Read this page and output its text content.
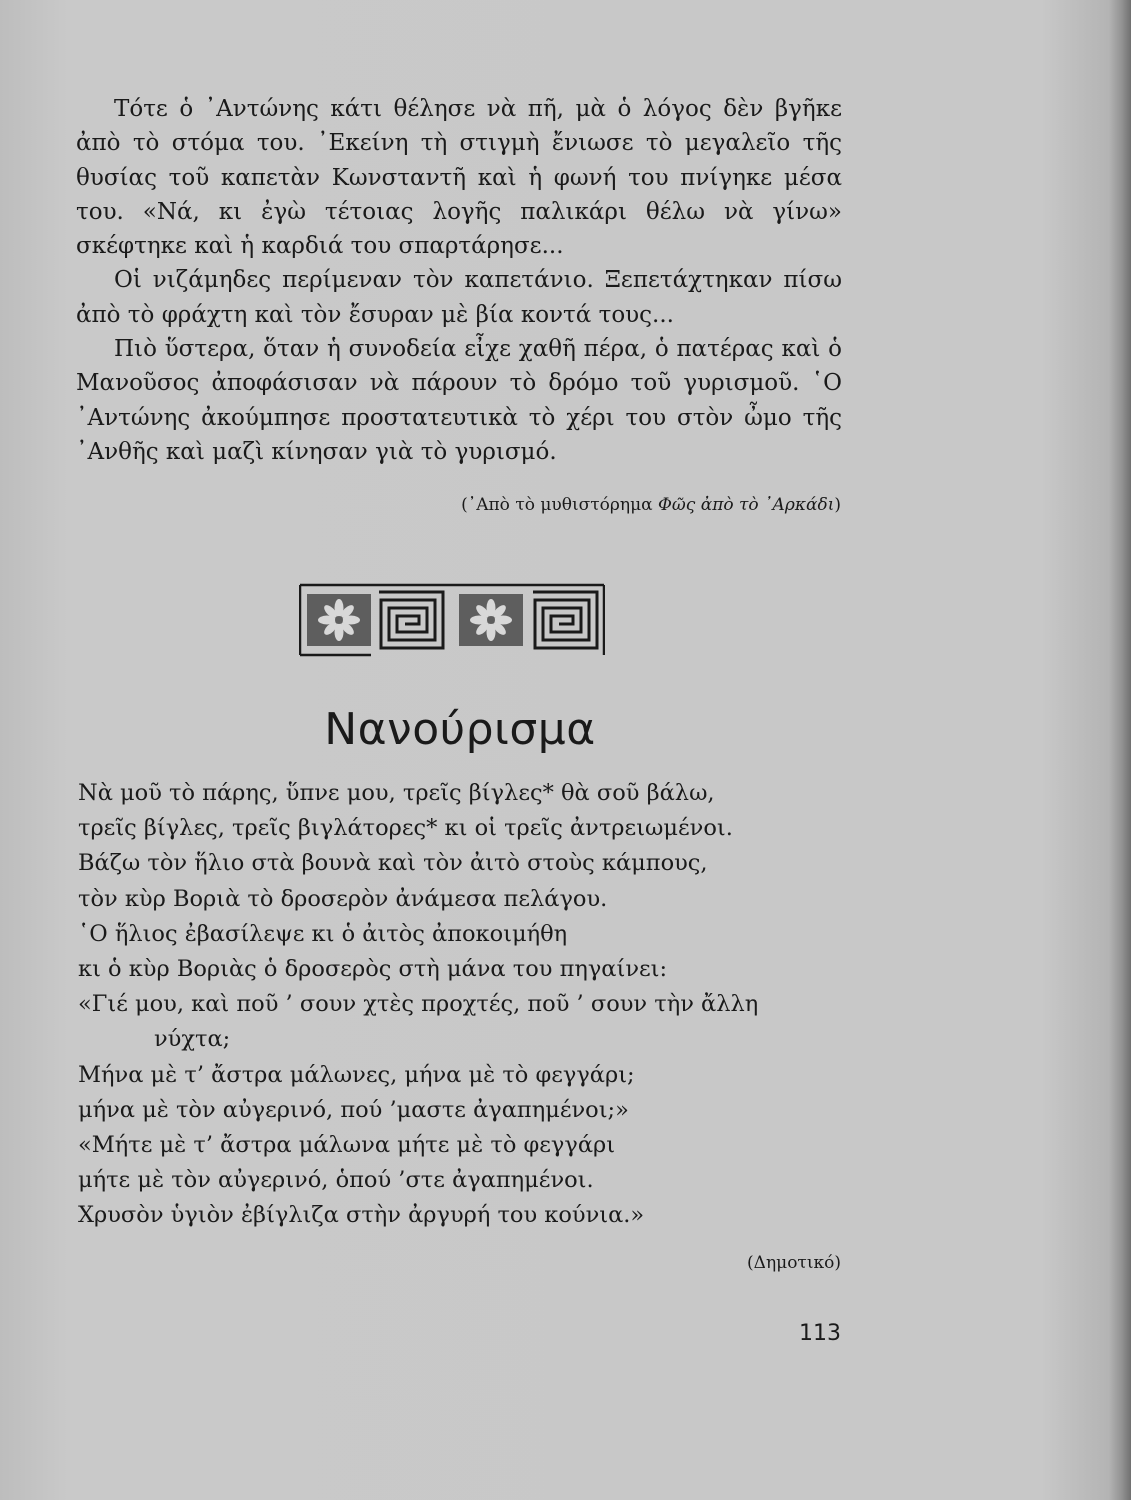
Τότε ὁ ᾿Αντώνης κάτι θέλησε νὰ πῆ, μὰ ὁ λόγος δὲν βγῆκε ἀπὸ τὸ στόμα του. ᾿Εκείνη τὴ στιγμὴ ἔνιωσε τὸ μεγαλεῖο τῆς θυσίας τοῦ καπετὰν Κωνσταντῆ καὶ ἡ φωνή του πνίγηκε μέσα του. «Νά, κι ἐγὼ τέτοιας λογῆς παλικάρι θέλω νὰ γίνω» σκέφτηκε καὶ ἡ καρδιά του σπαρτάρησε...

Οἱ νιζάμηδες περίμεναν τὸν καπετάνιο. Ξεπετάχτηκαν πίσω ἀπὸ τὸ φράχτη καὶ τὸν ἔσυραν μὲ βία κοντά τους...

Πιὸ ὕστερα, ὅταν ἡ συνοδεία εἶχε χαθῆ πέρα, ὁ πατέρας καὶ ὁ Μανοῦσος ἀποφάσισαν νὰ πάρουν τὸ δρόμο τοῦ γυρισμοῦ. ῾Ο ᾿Αντώνης ἀκούμπησε προστατευτικὰ τὸ χέρι του στὸν ὦμο τῆς ᾿Ανθῆς καὶ μαζὶ κίνησαν γιὰ τὸ γυρισμό.

(᾿Απὸ τὸ μυθιστόρημα Φῶς ἀπὸ τὸ ᾿Αρκάδι)
Νανούρισμα
Νὰ μοῦ τὸ πάρης, ὕπνε μου, τρεῖς βίγλες* θὰ σοῦ βάλω,
τρεῖς βίγλες, τρεῖς βιγλάτορες* κι οἱ τρεῖς ἀντρειωμένοι.
Βάζω τὸν ἥλιο στὰ βουνὰ καὶ τὸν ἀιτὸ στοὺς κάμπους,
τὸν κὺρ Βοριὰ τὸ δροσερὸν ἀνάμεσα πελάγου.
῾Ο ἥλιος ἐβασίλεψε κι ὁ ἀιτὸς ἀποκοιμήθη
κι ὁ κὺρ Βοριὰς ὁ δροσερὸς στὴ μάνα του πηγαίνει:
«Γιέ μου, καὶ ποῦ ’ σουν χτὲς προχτές, ποῦ ’ σουν τὴν ἄλλη
νύχτα;
Μήνα μὲ τ’ ἄστρα μάλωνες, μήνα μὲ τὸ φεγγάρι;
μήνα μὲ τὸν αὐγερινό, πού ’μαστε ἀγαπημένοι;»
«Μήτε μὲ τ’ ἄστρα μάλωνα μήτε μὲ τὸ φεγγάρι
μήτε μὲ τὸν αὐγερινό, ὁπού ’στε ἀγαπημένοι.
Χρυσὸν ὑγιὸν ἐβίγλιζα στὴν ἀργυρή του κούνια.»
(Δημοτικό)
113
